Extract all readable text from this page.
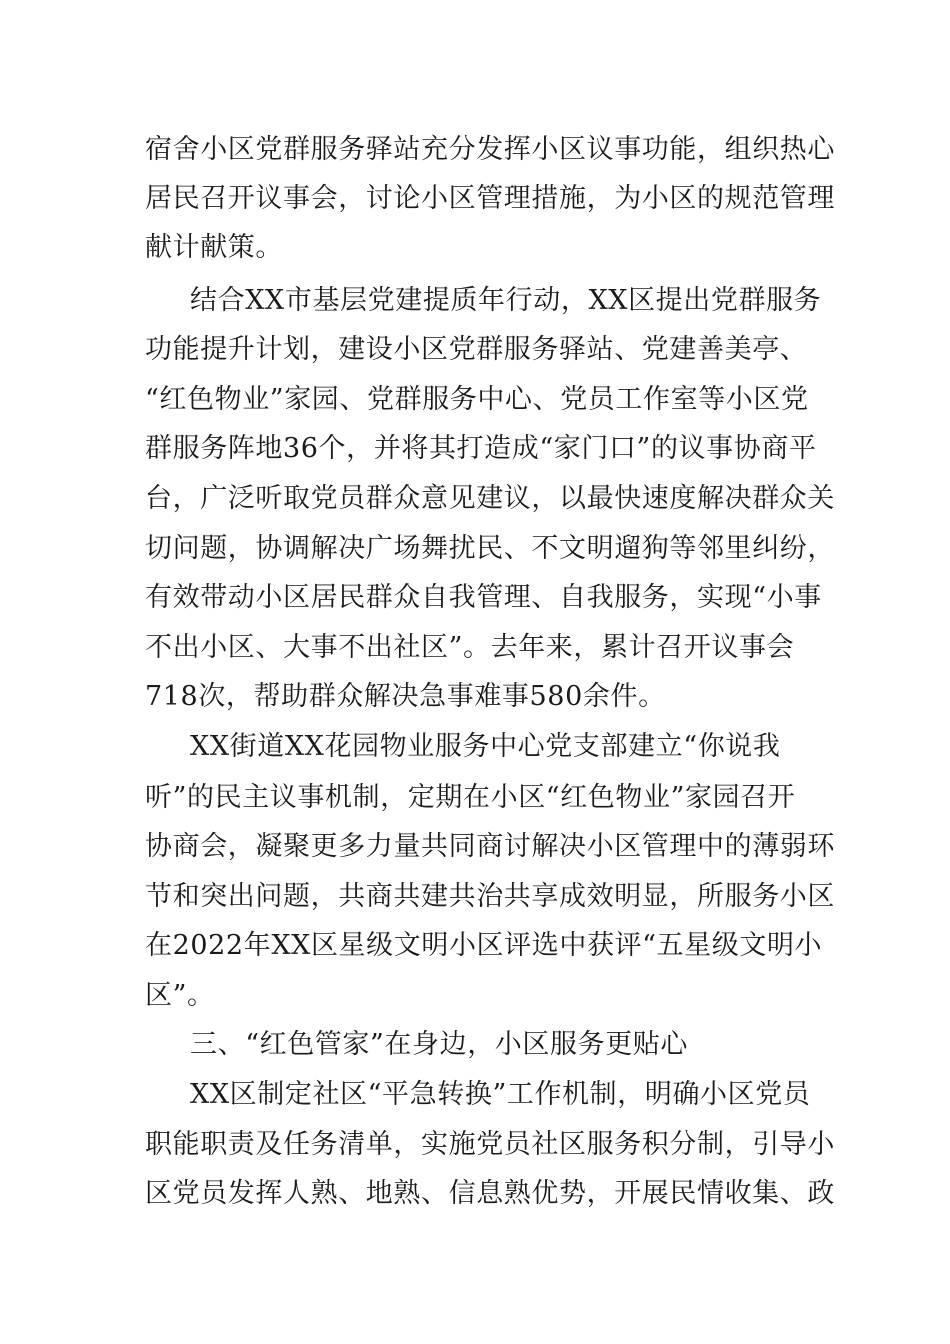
宿舍小区党群服务驿站充分发挥小区议事功能，组织热心
居民召开议事会，讨论小区管理措施，为小区的规范管理
献计献策。
结合XX市基层党建提质年行动，XX区提出党群服务
功能提升计划，建设小区党群服务驿站、党建善美亭、
“红色物业”家园、党群服务中心、党员工作室等小区党
群服务阵地36个，并将其打造成“家门口”的议事协商平
台，广泛听取党员群众意见建议，以最快速度解决群众关
切问题，协调解决广场舞扰民、不文明遛狗等邻里纠纷，
有效带动小区居民群众自我管理、自我服务，实现“小事
不出小区、大事不出社区”。去年来，累计召开议事会
718次，帮助群众解决急事难事580余件。
XX街道XX花园物业服务中心党支部建立“你说我
听”的民主议事机制，定期在小区“红色物业”家园召开
协商会，凝聚更多力量共同商讨解决小区管理中的薄弱环
节和突出问题，共商共建共治共享成效明显，所服务小区
在2022年XX区星级文明小区评选中获评“五星级文明小
区”。
三、“红色管家”在身边，小区服务更贴心
XX区制定社区“平急转换”工作机制，明确小区党员
职能职责及任务清单，实施党员社区服务积分制，引导小
区党员发挥人熟、地熟、信息熟优势，开展民情收集、政
